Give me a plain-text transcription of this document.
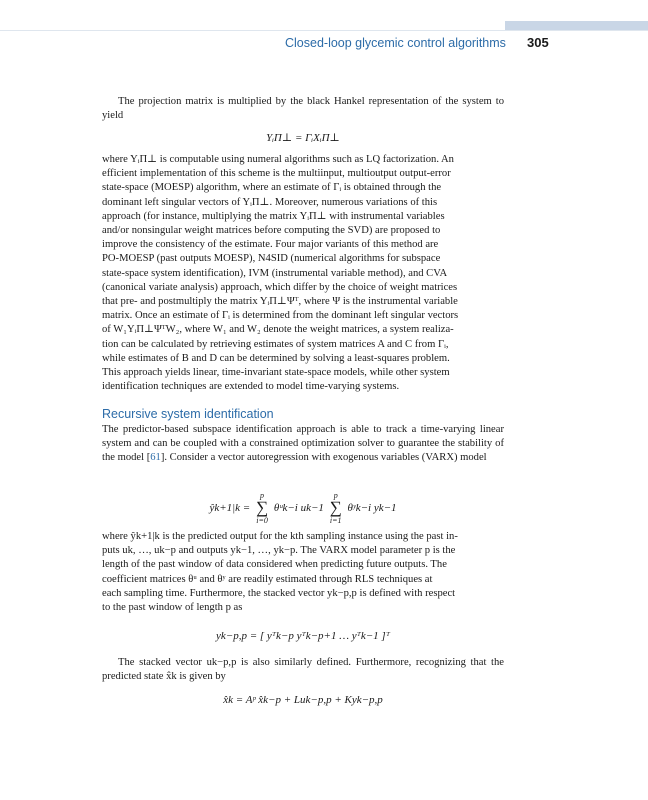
Closed-loop glycemic control algorithms 305

The projection matrix is multiplied by the black Hankel representation of the system to yield

YᵢΠ⊥ = ΓᵢXᵢΠ⊥
where YᵢΠ⊥ is computable using numeral algorithms such as LQ factorization. An
efficient implementation of this scheme is the multiinput, multioutput output-error
state-space (MOESP) algorithm, where an estimate of Γᵢ is obtained through the
dominant left singular vectors of YᵢΠ⊥. Moreover, numerous variations of this
approach (for instance, multiplying the matrix YᵢΠ⊥ with instrumental variables
and/or nonsingular weight matrices before computing the SVD) are proposed to
improve the consistency of the estimate. Four major variants of this method are
PO-MOESP (past outputs MOESP), N4SID (numerical algorithms for subspace
state-space system identification), IVM (instrumental variable method), and CVA
(canonical variate analysis) approach, which differ by the choice of weight matrices
that pre- and postmultiply the matrix YᵢΠ⊥Ψᵀ, where Ψ is the instrumental variable
matrix. Once an estimate of Γᵢ is determined from the dominant left singular vectors
of W₁YᵢΠ⊥ΨᵀW₂, where W₁ and W₂ denote the weight matrices, a system realiza-
tion can be calculated by retrieving estimates of system matrices A and C from Γᵢ,
while estimates of B and D can be determined by solving a least-squares problem.
This approach yields linear, time-invariant state-space models, while other system
identification techniques are extended to model time-varying systems.
Recursive system identification

The predictor-based subspace identification approach is able to track a time-varying linear system and can be coupled with a constrained optimization solver to guarantee the stability of the model [61]. Consider a vector autoregression with exogenous variables (VARX) model

ŷk+1|k =
p
∑
i=0
θᵘk−i uk−1
p
∑
i=1
θʸk−i yk−1
where ŷk+1|k is the predicted output for the kth sampling instance using the past in-
puts uk, …, uk−p and outputs yk−1, …, yk−p. The VARX model parameter p is the
length of the past window of data considered when predicting future outputs. The
coefficient matrices θᵘ and θʸ are readily estimated through RLS techniques at
each sampling time. Furthermore, the stacked vector yk−p,p is defined with respect
to the past window of length p as
yk−p,p = [ yᵀk−p yᵀk−p+1 … yᵀk−1 ]ᵀ

The stacked vector uk−p,p is also similarly defined. Furthermore, recognizing that the predicted state x̂k is given by

x̂k = Aᵖ x̂k−p + Luk−p,p + Kyk−p,p
